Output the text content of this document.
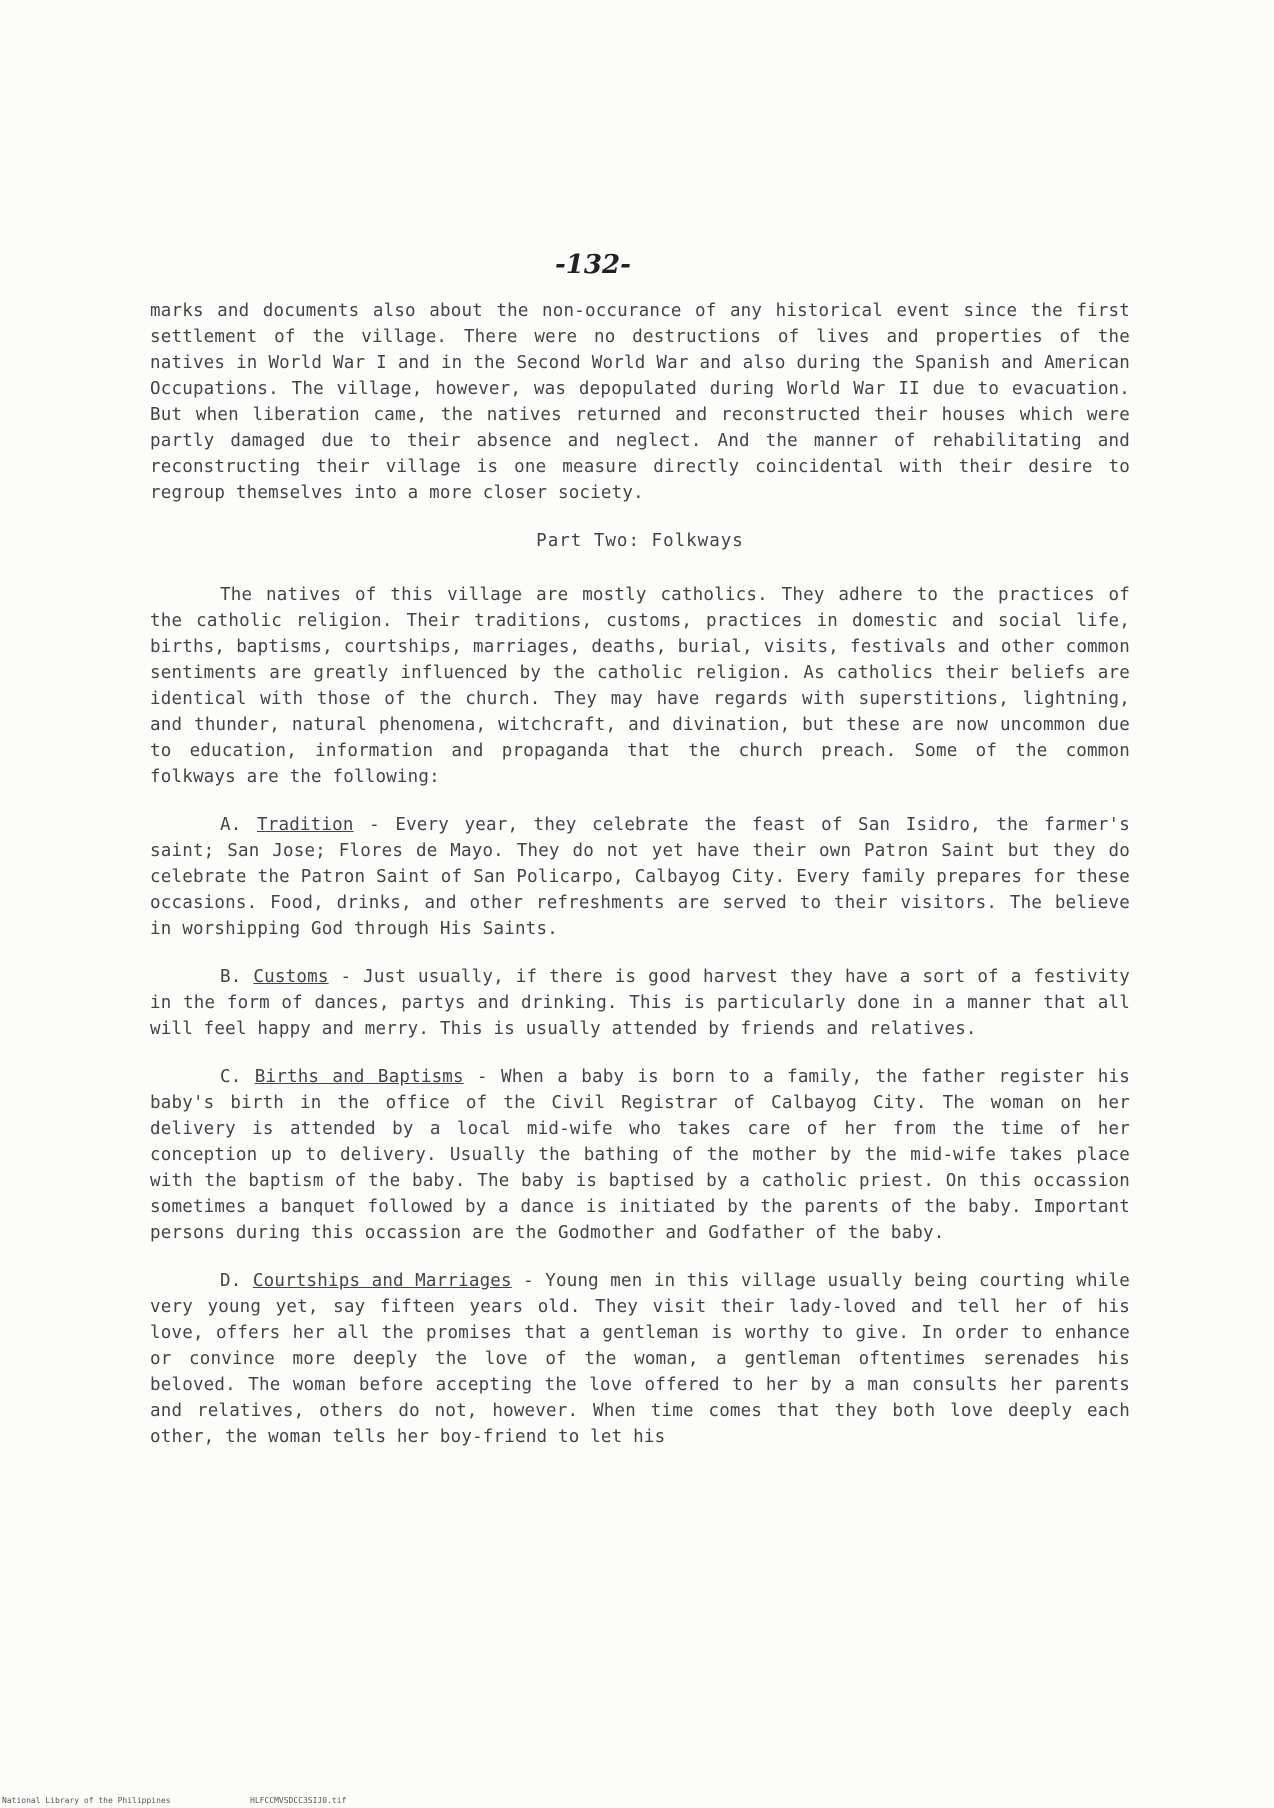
-132-

marks and documents also about the non-occurance of any historical event since the first settlement of the village. There were no destructions of lives and properties of the natives in World War I and in the Second World War and also during the Spanish and American Occupations. The village, however, was depopulated during World War II due to evacuation. But when liberation came, the natives returned and reconstructed their houses which were partly damaged due to their absence and neglect. And the manner of rehabilitating and reconstructing their village is one measure directly coincidental with their desire to regroup themselves into a more closer society.

Part Two: Folkways

The natives of this village are mostly catholics. They adhere to the practices of the catholic religion. Their traditions, customs, practices in domestic and social life, births, baptisms, courtships, marriages, deaths, burial, visits, festivals and other common sentiments are greatly influenced by the catholic religion. As catholics their beliefs are identical with those of the church. They may have regards with superstitions, lightning, and thunder, natural phenomena, witchcraft, and divination, but these are now uncommon due to education, information and propaganda that the church preach. Some of the common folkways are the following:

A. Tradition - Every year, they celebrate the feast of San Isidro, the farmer's saint; San Jose; Flores de Mayo. They do not yet have their own Patron Saint but they do celebrate the Patron Saint of San Policarpo, Calbayog City. Every family prepares for these occasions. Food, drinks, and other refreshments are served to their visitors. The believe in worshipping God through His Saints.

B. Customs - Just usually, if there is good harvest they have a sort of a festivity in the form of dances, partys and drinking. This is particularly done in a manner that all will feel happy and merry. This is usually attended by friends and relatives.

C. Births and Baptisms - When a baby is born to a family, the father register his baby's birth in the office of the Civil Registrar of Calbayog City. The woman on her delivery is attended by a local mid-wife who takes care of her from the time of her conception up to delivery. Usually the bathing of the mother by the mid-wife takes place with the baptism of the baby. The baby is baptised by a catholic priest. On this occassion sometimes a banquet followed by a dance is initiated by the parents of the baby. Important persons during this occassion are the Godmother and Godfather of the baby.

D. Courtships and Marriages - Young men in this village usually being courting while very young yet, say fifteen years old. They visit their lady-loved and tell her of his love, offers her all the promises that a gentleman is worthy to give. In order to enhance or convince more deeply the love of the woman, a gentleman oftentimes serenades his beloved. The woman before accepting the love offered to her by a man consults her parents and relatives, others do not, however. When time comes that they both love deeply each other, the woman tells her boy-friend to let his

National Library of the Philippines	HLFCCMVSDCC3SIJ0.tif
